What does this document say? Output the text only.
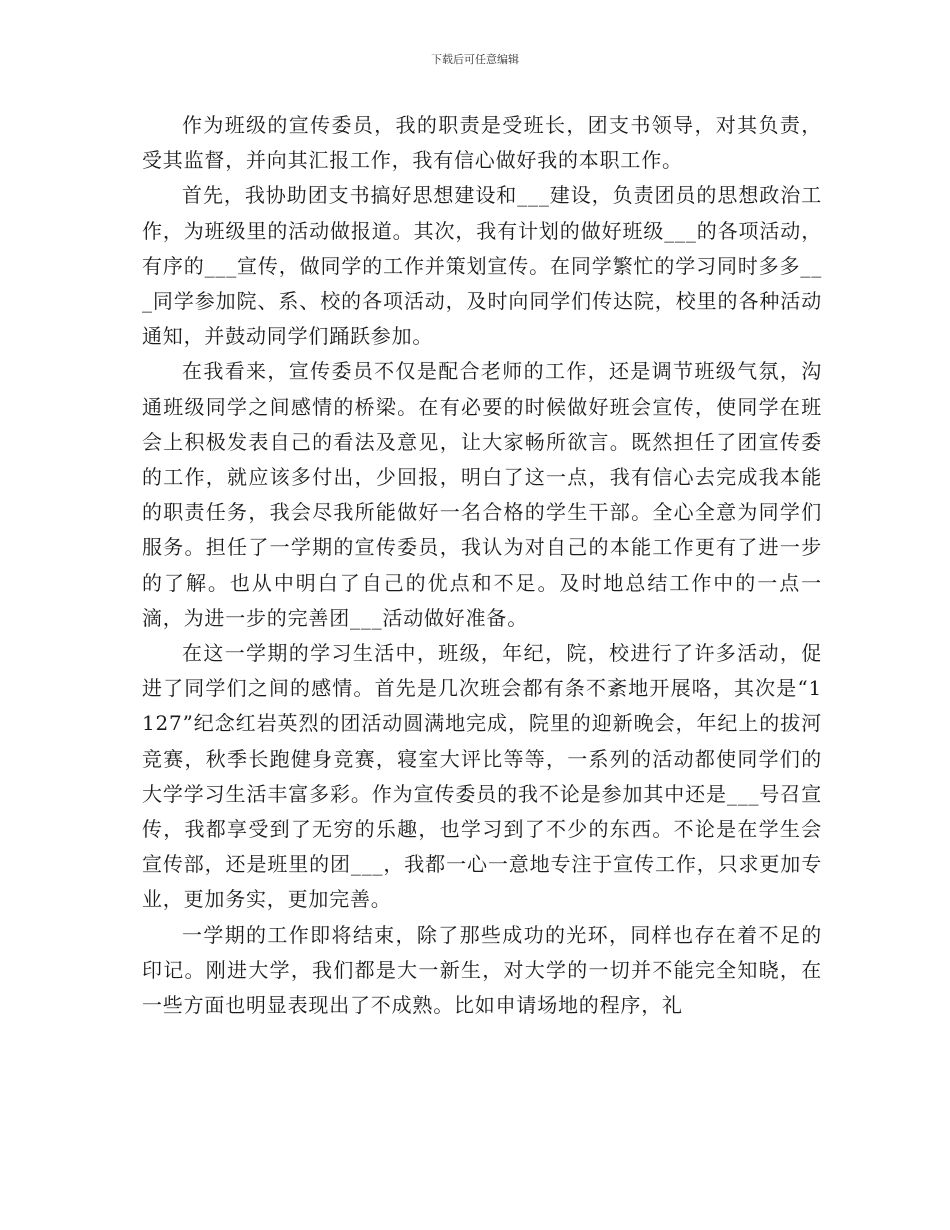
下载后可任意编辑

作为班级的宣传委员，我的职责是受班长，团支书领导，对其负责，受其监督，并向其汇报工作，我有信心做好我的本职工作。

首先，我协助团支书搞好思想建设和___建设，负责团员的思想政治工作，为班级里的活动做报道。其次，我有计划的做好班级___的各项活动，有序的___宣传，做同学的工作并策划宣传。在同学繁忙的学习同时多多___同学参加院、系、校的各项活动，及时向同学们传达院，校里的各种活动通知，并鼓动同学们踊跃参加。

在我看来，宣传委员不仅是配合老师的工作，还是调节班级气氛，沟通班级同学之间感情的桥梁。在有必要的时候做好班会宣传，使同学在班会上积极发表自己的看法及意见，让大家畅所欲言。既然担任了团宣传委的工作，就应该多付出，少回报，明白了这一点，我有信心去完成我本能的职责任务，我会尽我所能做好一名合格的学生干部。全心全意为同学们服务。担任了一学期的宣传委员，我认为对自己的本能工作更有了进一步的了解。也从中明白了自己的优点和不足。及时地总结工作中的一点一滴，为进一步的完善团___活动做好准备。

在这一学期的学习生活中，班级，年纪，院，校进行了许多活动，促进了同学们之间的感情。首先是几次班会都有条不紊地开展咯，其次是“1127”纪念红岩英烈的团活动圆满地完成，院里的迎新晚会，年纪上的拔河竞赛，秋季长跑健身竞赛，寝室大评比等等，一系列的活动都使同学们的大学学习生活丰富多彩。作为宣传委员的我不论是参加其中还是___号召宣传，我都享受到了无穷的乐趣，也学习到了不少的东西。不论是在学生会宣传部，还是班里的团___，我都一心一意地专注于宣传工作，只求更加专业，更加务实，更加完善。

一学期的工作即将结束，除了那些成功的光环，同样也存在着不足的印记。刚进大学，我们都是大一新生，对大学的一切并不能完全知晓，在一些方面也明显表现出了不成熟。比如申请场地的程序，礼
